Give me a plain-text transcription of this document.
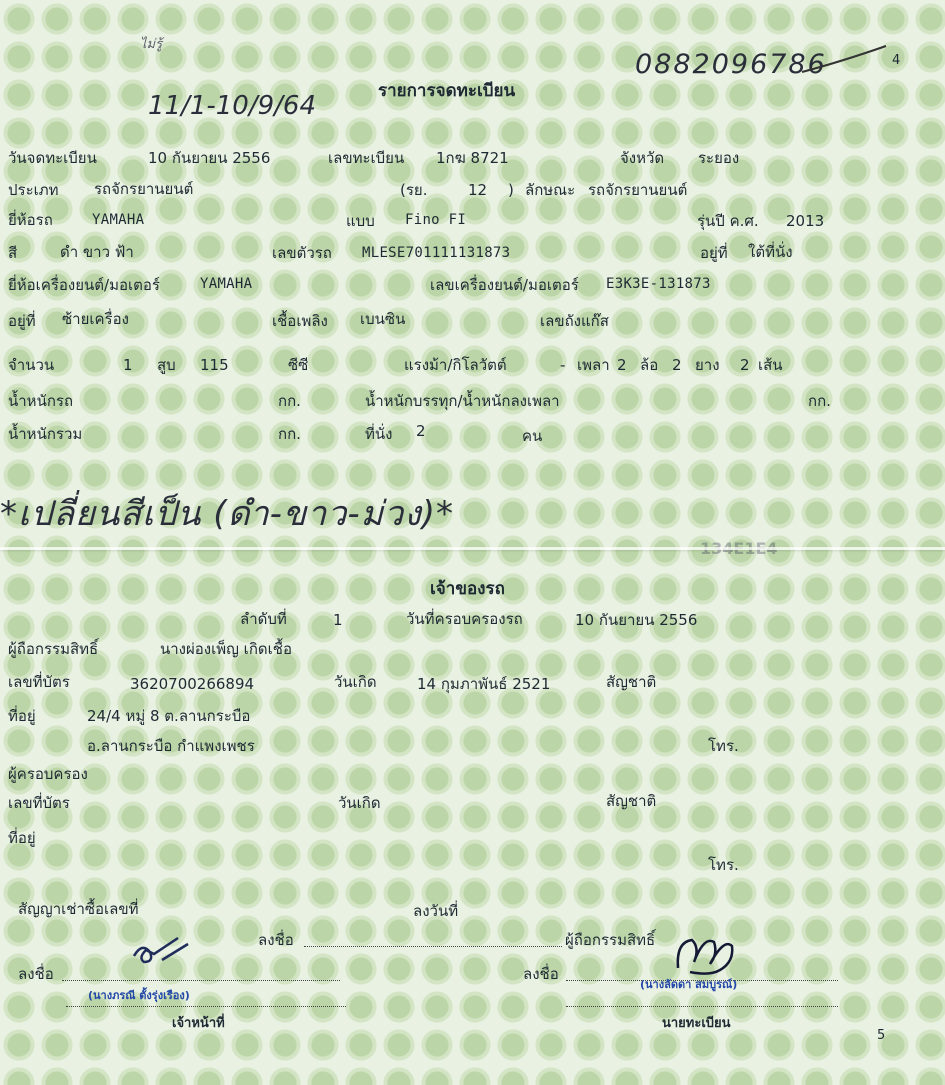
ไม่รู้
11/1-10/9/64
0882096786	4
รายการจดทะเบียน
วันจดทะเบียน	10 กันยายน 2556	เลขทะเบียน 1กฆ 8721	จังหวัด ระยอง
ประเภท รถจักรยานยนต์	(รย.	12 ) ลักษณะ รถจักรยานยนต์
ยี่ห้อรถ	YAMAHA	แบบ Fino FI	รุ่นปี ค.ศ. 2013
สี	ดำ ขาว ฟ้า	เลขตัวรถ MLESE701111131873	อยู่ที่ ใต้ที่นั่ง
ยี่ห้อเครื่องยนต์/มอเตอร์	YAMAHA	เลขเครื่องยนต์/มอเตอร์ E3K3E-131873
อยู่ที่ ซ้ายเครื่อง	เชื้อเพลิง เบนซิน	เลขถังแก๊ส
จำนวน	1 สูบ 115	ซีซี	แรงม้า/กิโลวัตต์	- เพลา 2 ล้อ 2 ยาง 2 เส้น
น้ำหนักรถ	กก.	น้ำหนักบรรทุก/น้ำหนักลงเพลา	กก.
น้ำหนักรวม	กก.	ที่นั่ง 2	คน
*เปลี่ยนสีเป็น (ดำ-ขาว-ม่วง)*
เจ้าของรถ
ลำดับที่	1	วันที่ครอบครองรถ	10 กันยายน 2556
ผู้ถือกรรมสิทธิ์	นางผ่องเพ็ญ เกิดเชื้อ
เลขที่บัตร	3620700266894	วันเกิด	14 กุมภาพันธ์ 2521	สัญชาติ
ที่อยู่	24/4 หมู่ 8 ต.ลานกระบือ
อ.ลานกระบือ กำแพงเพชร	โทร.
ผู้ครอบครอง
เลขที่บัตร	วันเกิด	สัญชาติ
ที่อยู่
โทร.
สัญญาเช่าซื้อเลขที่	ลงวันที่
ลงชื่อ	ผู้ถือกรรมสิทธิ์
ลงชื่อ
(นางภรณี ตั้งรุ่งเรือง)
เจ้าหน้าที่
ลงชื่อ
(นางลัดดา สมบูรณ์)
นายทะเบียน
5
